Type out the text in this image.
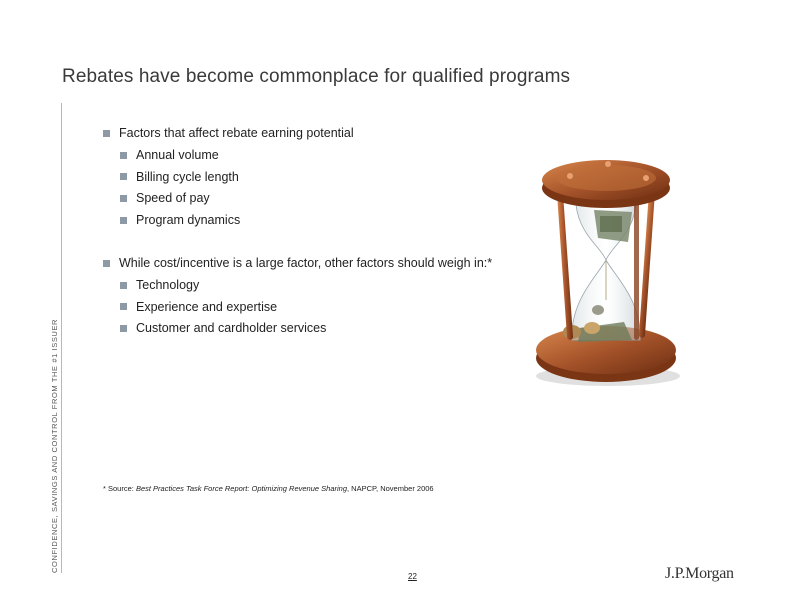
Rebates have become commonplace for qualified programs
CONFIDENCE, SAVINGS AND CONTROL FROM THE #1 ISSUER
Factors that affect rebate earning potential
Annual volume
Billing cycle length
Speed of pay
Program dynamics
While cost/incentive is a large factor, other factors should weigh in:*
Technology
Experience and expertise
Customer and cardholder services
* Source: Best Practices Task Force Report: Optimizing Revenue Sharing, NAPCP, November 2006
22	J.P.Morgan
